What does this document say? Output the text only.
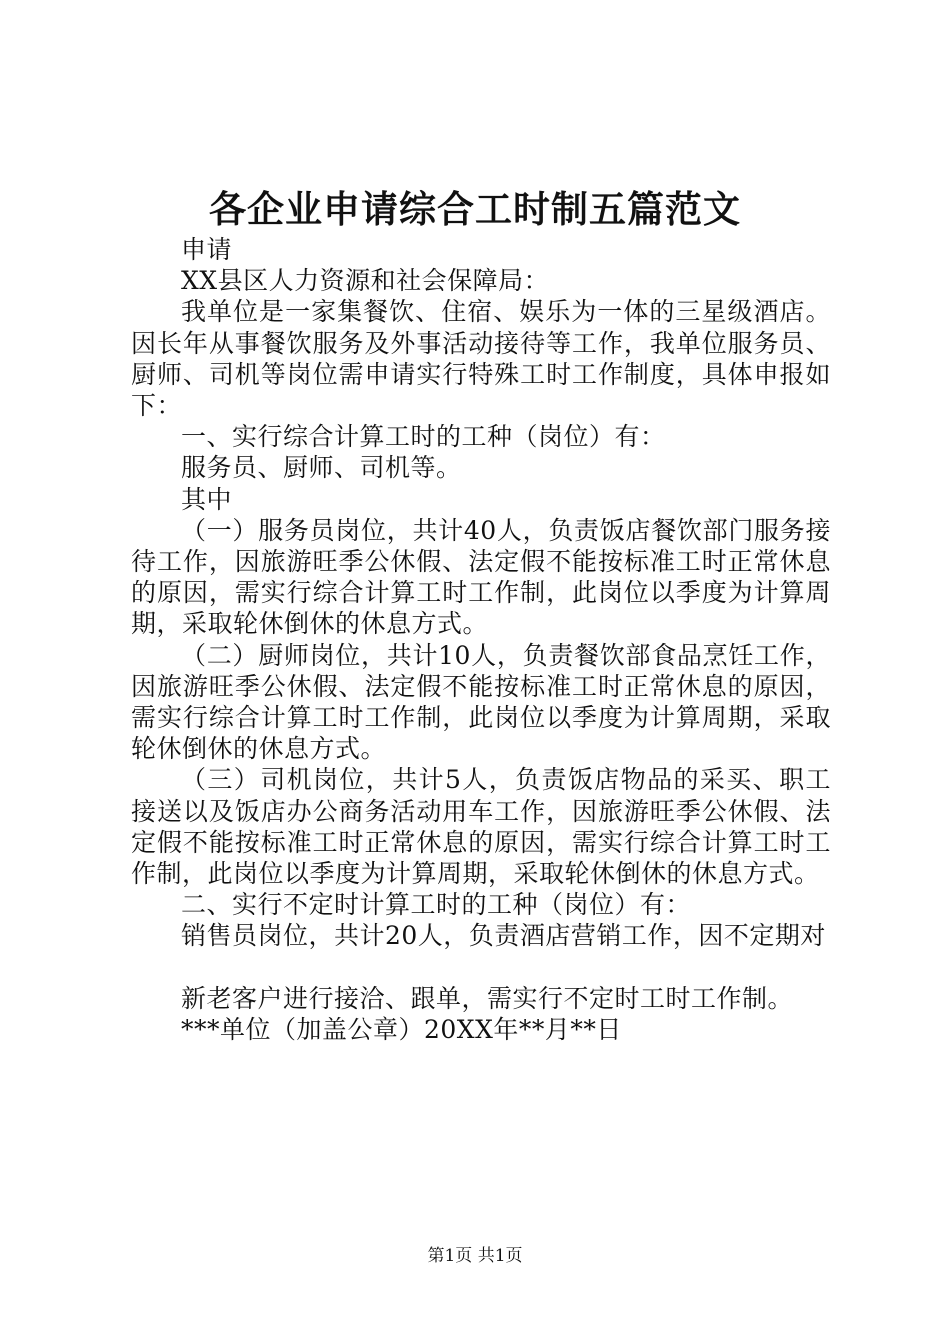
各企业申请综合工时制五篇范文

申请

XX县区人力资源和社会保障局：

我单位是一家集餐饮、住宿、娱乐为一体的三星级酒店。因长年从事餐饮服务及外事活动接待等工作，我单位服务员、厨师、司机等岗位需申请实行特殊工时工作制度，具体申报如下：

一、实行综合计算工时的工种（岗位）有：

服务员、厨师、司机等。

其中

（一）服务员岗位，共计40人，负责饭店餐饮部门服务接待工作，因旅游旺季公休假、法定假不能按标准工时正常休息的原因，需实行综合计算工时工作制，此岗位以季度为计算周期，采取轮休倒休的休息方式。

（二）厨师岗位，共计10人，负责餐饮部食品烹饪工作，因旅游旺季公休假、法定假不能按标准工时正常休息的原因，需实行综合计算工时工作制，此岗位以季度为计算周期，采取轮休倒休的休息方式。

（三）司机岗位，共计5人，负责饭店物品的采买、职工接送以及饭店办公商务活动用车工作，因旅游旺季公休假、法定假不能按标准工时正常休息的原因，需实行综合计算工时工作制，此岗位以季度为计算周期，采取轮休倒休的休息方式。

二、实行不定时计算工时的工种（岗位）有：

销售员岗位，共计20人，负责酒店营销工作，因不定期对

新老客户进行接洽、跟单，需实行不定时工时工作制。

***单位（加盖公章）20XX年**月**日

第1页 共1页
